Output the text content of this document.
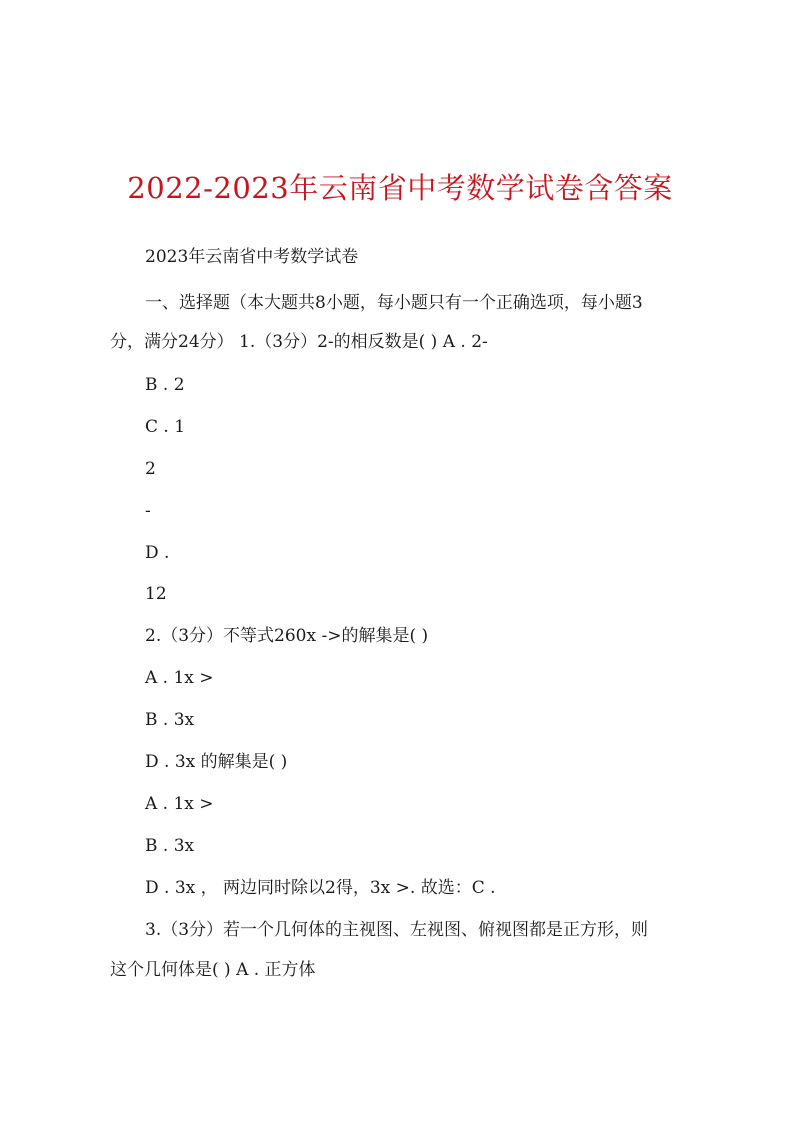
2022-2023年云南省中考数学试卷含答案
2023年云南省中考数学试卷
一、选择题（本大题共8小题，每小题只有一个正确选项，每小题3
分，满分24分） 1.（3分）2-的相反数是( ) A . 2-
B . 2
C . 1
2
-
D .
12
2.（3分）不等式260x ->的解集是( )
A . 1x >
B . 3x
D . 3x 的解集是( )
A . 1x >
B . 3x
D . 3x ， 两边同时除以2得，3x >. 故选：C .
3.（3分）若一个几何体的主视图、左视图、俯视图都是正方形，则
这个几何体是( ) A . 正方体
